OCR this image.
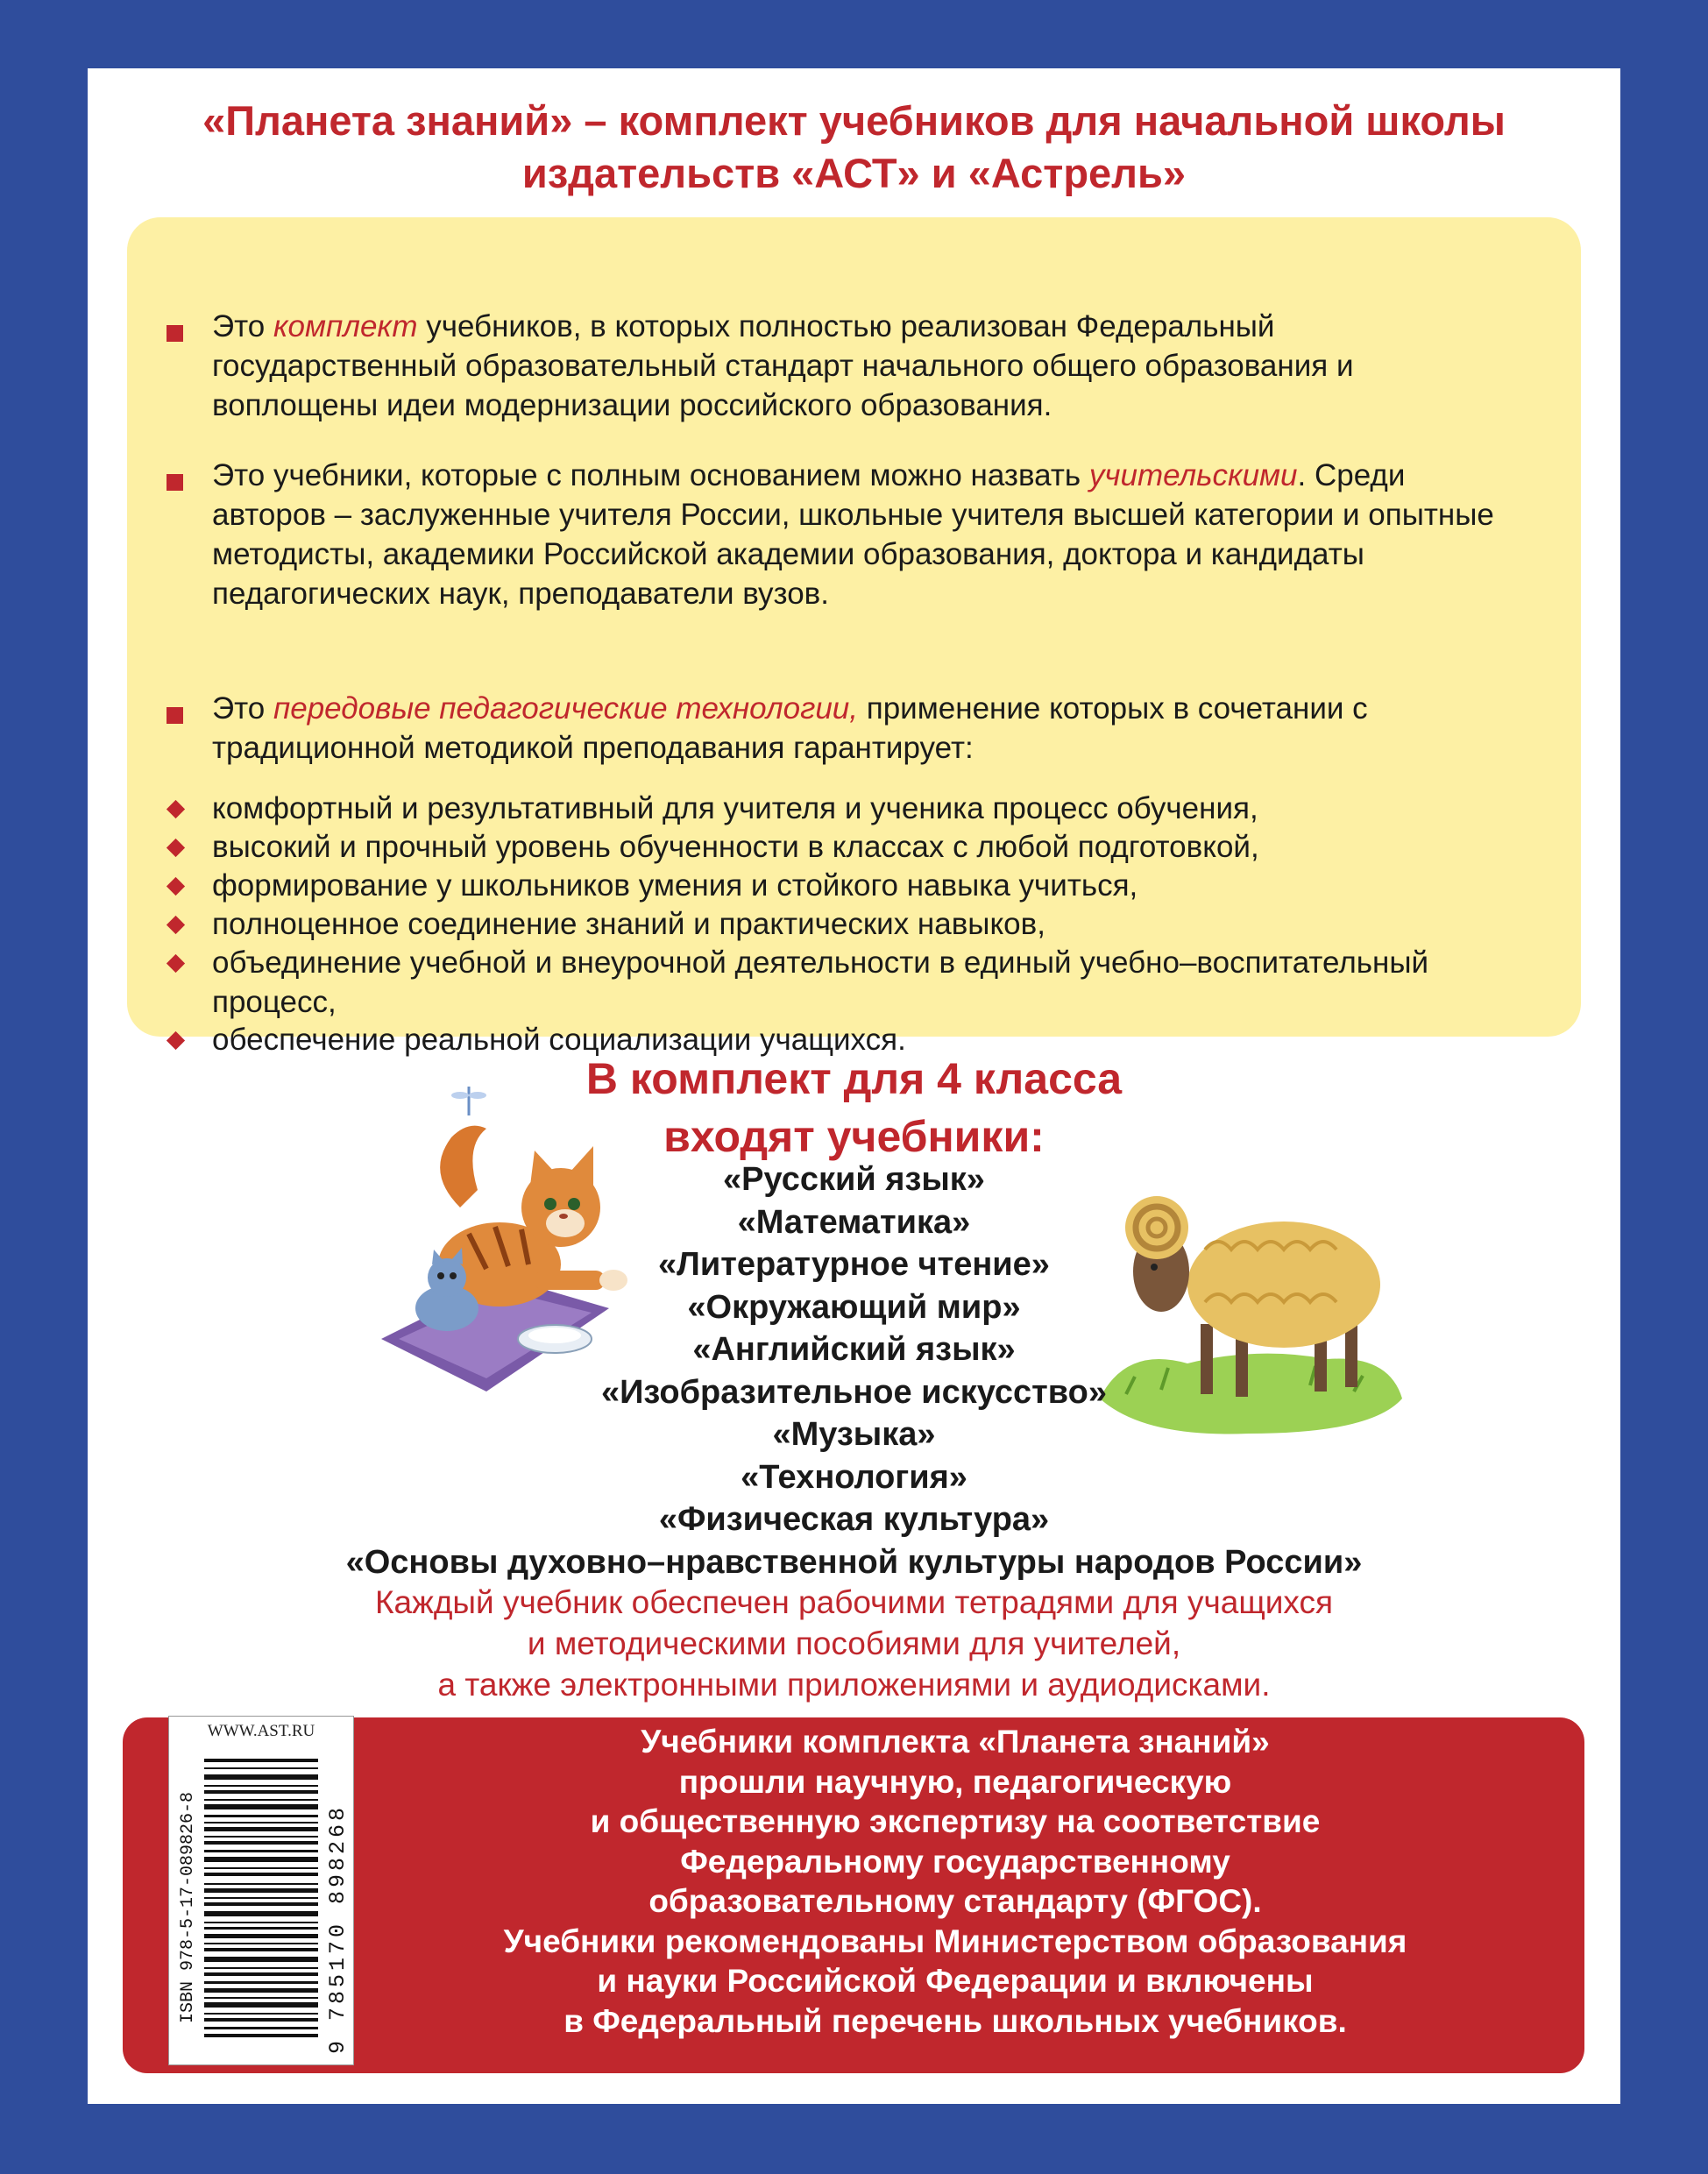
«Планета знаний» – комплект учебников для начальной школы
издательств «АСТ» и «Астрель»
Это комплект учебников, в которых полностью реализован Федеральный государственный образовательный стандарт начального общего образования и воплощены идеи модернизации российского образования.
Это учебники, которые с полным основанием можно назвать учительскими. Среди авторов – заслуженные учителя России, школьные учителя высшей категории и опытные методисты, академики Российской академии образования, доктора и кандидаты педагогических наук, преподаватели вузов.
Это передовые педагогические технологии, применение которых в сочетании с традиционной методикой преподавания гарантирует:
комфортный и результативный для учителя и ученика процесс обучения,
высокий и прочный уровень обученности в классах с любой подготовкой,
формирование у школьников умения и стойкого навыка учиться,
полноценное соединение знаний и практических навыков,
объединение учебной и внеурочной деятельности в единый учебно–воспитательный процесс,
обеспечение реальной социализации учащихся.
В комплект для 4 класса
входят учебники:
«Русский язык»
«Математика»
«Литературное чтение»
«Окружающий мир»
«Английский язык»
«Изобразительное искусство»
«Музыка»
«Технология»
«Физическая культура»
«Основы духовно–нравственной культуры народов России»
Каждый учебник обеспечен рабочими тетрадями для учащихся
и методическими пособиями для учителей,
а также электронными приложениями и аудиодисками.
Учебники комплекта «Планета знаний»
прошли научную, педагогическую
и общественную экспертизу на соответствие
Федеральному государственному
образовательному стандарту (ФГОС).
Учебники рекомендованы Министерством образования
и науки Российской Федерации и включены
в Федеральный перечень школьных учебников.
WWW.AST.RU
ISBN 978-5-17-089826-8	9 785170 898268
